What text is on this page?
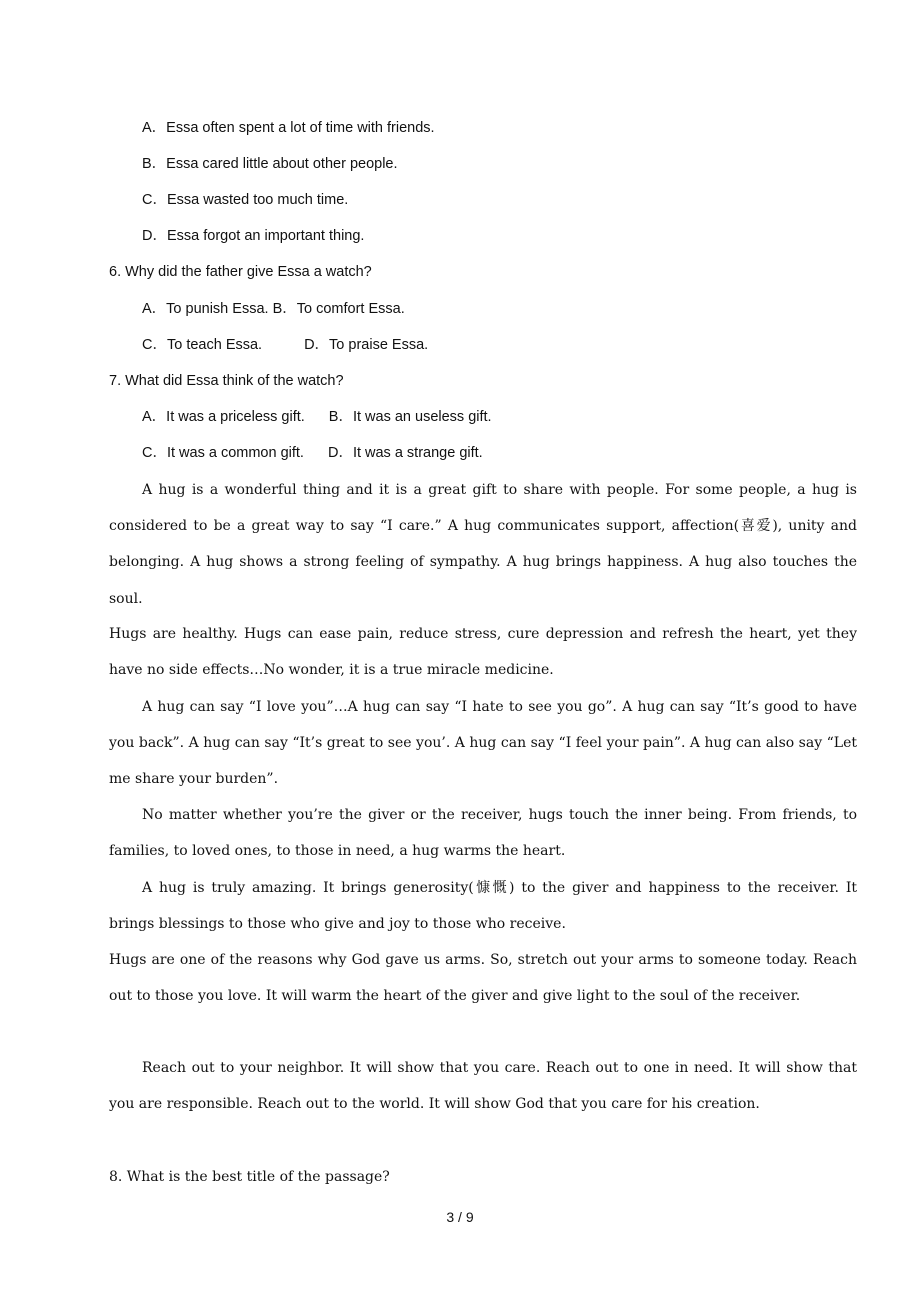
A．Essa often spent a lot of time with friends.

B．Essa cared little about other people.

C．Essa wasted too much time.

D．Essa forgot an important thing.

6. Why did the father give Essa a watch?

A．To punish Essa. B．To comfort Essa.

C．To teach Essa.	D．To praise Essa.

7. What did Essa think of the watch?

A．It was a priceless gift. B．It was an useless gift.

C．It was a common gift. D．It was a strange gift.

A hug is a wonderful thing and it is a great gift to share with people. For some people, a hug is considered to be a great way to say “I care.” A hug communicates support, affection(喜爱), unity and belonging. A hug shows a strong feeling of sympathy. A hug brings happiness. A hug also touches the soul.

Hugs are healthy. Hugs can ease pain, reduce stress, cure depression and refresh the heart, yet they have no side effects…No wonder, it is a true miracle medicine.

A hug can say “I love you”…A hug can say “I hate to see you go”. A hug can say “It’s good to have you back”. A hug can say “It’s great to see you’. A hug can say “I feel your pain”. A hug can also say “Let me share your burden”.

No matter whether you’re the giver or the receiver, hugs touch the inner being. From friends, to families, to loved ones, to those in need, a hug warms the heart.

A hug is truly amazing. It brings generosity(慷慨) to the giver and happiness to the receiver. It brings blessings to those who give and joy to those who receive.

Hugs are one of the reasons why God gave us arms. So, stretch out your arms to someone today. Reach out to those you love. It will warm the heart of the giver and give light to the soul of the receiver.

Reach out to your neighbor. It will show that you care. Reach out to one in need. It will show that you are responsible. Reach out to the world. It will show God that you care for his creation.

8. What is the best title of the passage?

3 / 9
